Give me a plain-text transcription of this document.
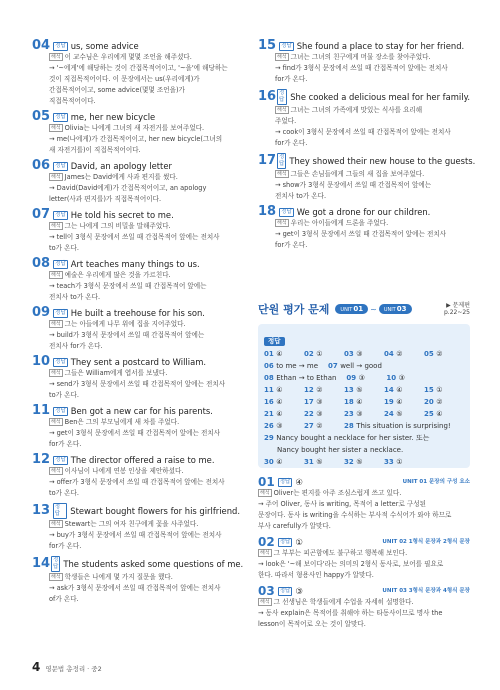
04 정답 us, some advice
해석 이 교수님은 우리에게 몇몇 조언을 해주셨다.
→ '~에게'에 해당하는 것이 간접목적어이고, '~을'에 해당하는
것이 직접목적어이다. 이 문장에서는 us(우리에게)가
간접목적어이고, some advice(몇몇 조언을)가
직접목적어이다.
05 정답 me, her new bicycle
해석 Olivia는 나에게 그녀의 새 자전거를 보여주었다.
→ me(나에게)가 간접목적어이고, her new bicycle(그녀의
새 자전거를)이 직접목적어이다.
06 정답 David, an apology letter
해석 James는 David에게 사과 편지를 썼다.
→ David(David에게)가 간접목적어이고, an apology
letter(사과 편지를)가 직접목적어이다.
07 정답 He told his secret to me.
해석 그는 나에게 그의 비밀을 말해주었다.
→ tell이 3형식 문장에서 쓰일 때 간접목적어 앞에는 전치사
to가 온다.
08 정답 Art teaches many things to us.
해석 예술은 우리에게 많은 것을 가르친다.
→ teach가 3형식 문장에서 쓰일 때 간접목적어 앞에는
전치사 to가 온다.
09 정답 He built a treehouse for his son.
해석 그는 아들에게 나무 위에 집을 지어주었다.
→ build가 3형식 문장에서 쓰일 때 간접목적어 앞에는
전치사 for가 온다.
10 정답 They sent a postcard to William.
해석 그들은 William에게 엽서를 보냈다.
→ send가 3형식 문장에서 쓰일 때 간접목적어 앞에는 전치사
to가 온다.
11 정답 Ben got a new car for his parents.
해석 Ben은 그의 부모님에게 새 차를 주었다.
→ get이 3형식 문장에서 쓰일 때 간접목적어 앞에는 전치사
for가 온다.
12 정답 The director offered a raise to me.
해석 이사님이 나에게 연봉 인상을 제안하셨다.
→ offer가 3형식 문장에서 쓰일 때 간접목적어 앞에는 전치사
to가 온다.
13 정답	Stewart bought flowers for his girlfriend.
해석 Stewart는 그의 여자 친구에게 꽃을 사주었다.
→ buy가 3형식 문장에서 쓰일 때 간접목적어 앞에는 전치사
for가 온다.
14 정답 The students asked some questions of me.
해석 학생들은 나에게 몇 가지 질문을 했다.
→ ask가 3형식 문장에서 쓰일 때 간접목적어 앞에는 전치사
of가 온다.
15 정답 She found a place to stay for her friend.
해석 그녀는 그녀의 친구에게 머물 장소를 찾아주었다.
→ find가 3형식 문장에서 쓰일 때 간접목적어 앞에는 전치사
for가 온다.
16 정답 She cooked a delicious meal for her family.
해석 그녀는 그녀의 가족에게 맛있는 식사를 요리해
주었다.
→ cook이 3형식 문장에서 쓰일 때 간접목적어 앞에는 전치사
for가 온다.
17 정답 They showed their new house to the guests.
해석 그들은 손님들에게 그들의 새 집을 보여주었다.
→ show가 3형식 문장에서 쓰일 때 간접목적어 앞에는
전치사 to가 온다.
18 정답 We got a drone for our children.
해석 우리는 아이들에게 드론을 주었다.
→ get이 3형식 문장에서 쓰일 때 간접목적어 앞에는 전치사
for가 온다.
단원 평가 문제	UNIT01 ~	UNIT03	▶ 문제편
p.22~25
정답
01 ④	02 ①	03 ③	04 ②	05 ②
06 to me → me 07 well → good
08 Ethan → to Ethan 09 ③	10 ③
11 ④	12 ②	13 ⑤	14 ④	15 ①
16 ④	17 ③	18 ④	19 ④	20 ②
21 ④	22 ③	23 ③	24 ⑤	25 ④
26 ③	27 ②	28 This situation is surprising!
29 Nancy bought a necklace for her sister. 또는
Nancy bought her sister a necklace.
30 ④	31 ⑤	32 ⑤	33 ①
01 정답 ④	UNIT 01 문장의 구성 요소
해석 Oliver는 편지를 아주 조심스럽게 쓰고 있다.
→ 주어 Oliver, 동사 is writing, 목적어 a letter로 구성된
문장이다. 동사 is writing을 수식하는 부사적 수식어가 와야 하므로
부사 carefully가 알맞다.
02 정답 ①	UNIT 02 1형식 문장과 2형식 문장
해석 그 부부는 피곤함에도 불구하고 행복해 보인다.
→ look은 '~해 보이다'라는 의미의 2형식 동사로, 보어를 필요로
한다. 따라서 형용사인 happy가 알맞다.
03 정답 ③	UNIT 03 3형식 문장과 4형식 문장
해석 그 선생님은 학생들에게 수업을 자세히 설명한다.
→ 동사 explain은 목적어를 취해야 하는 타동사이므로 명사 the
lesson이 목적어로 오는 것이 알맞다.
4 영문법 총정리 · 중2
